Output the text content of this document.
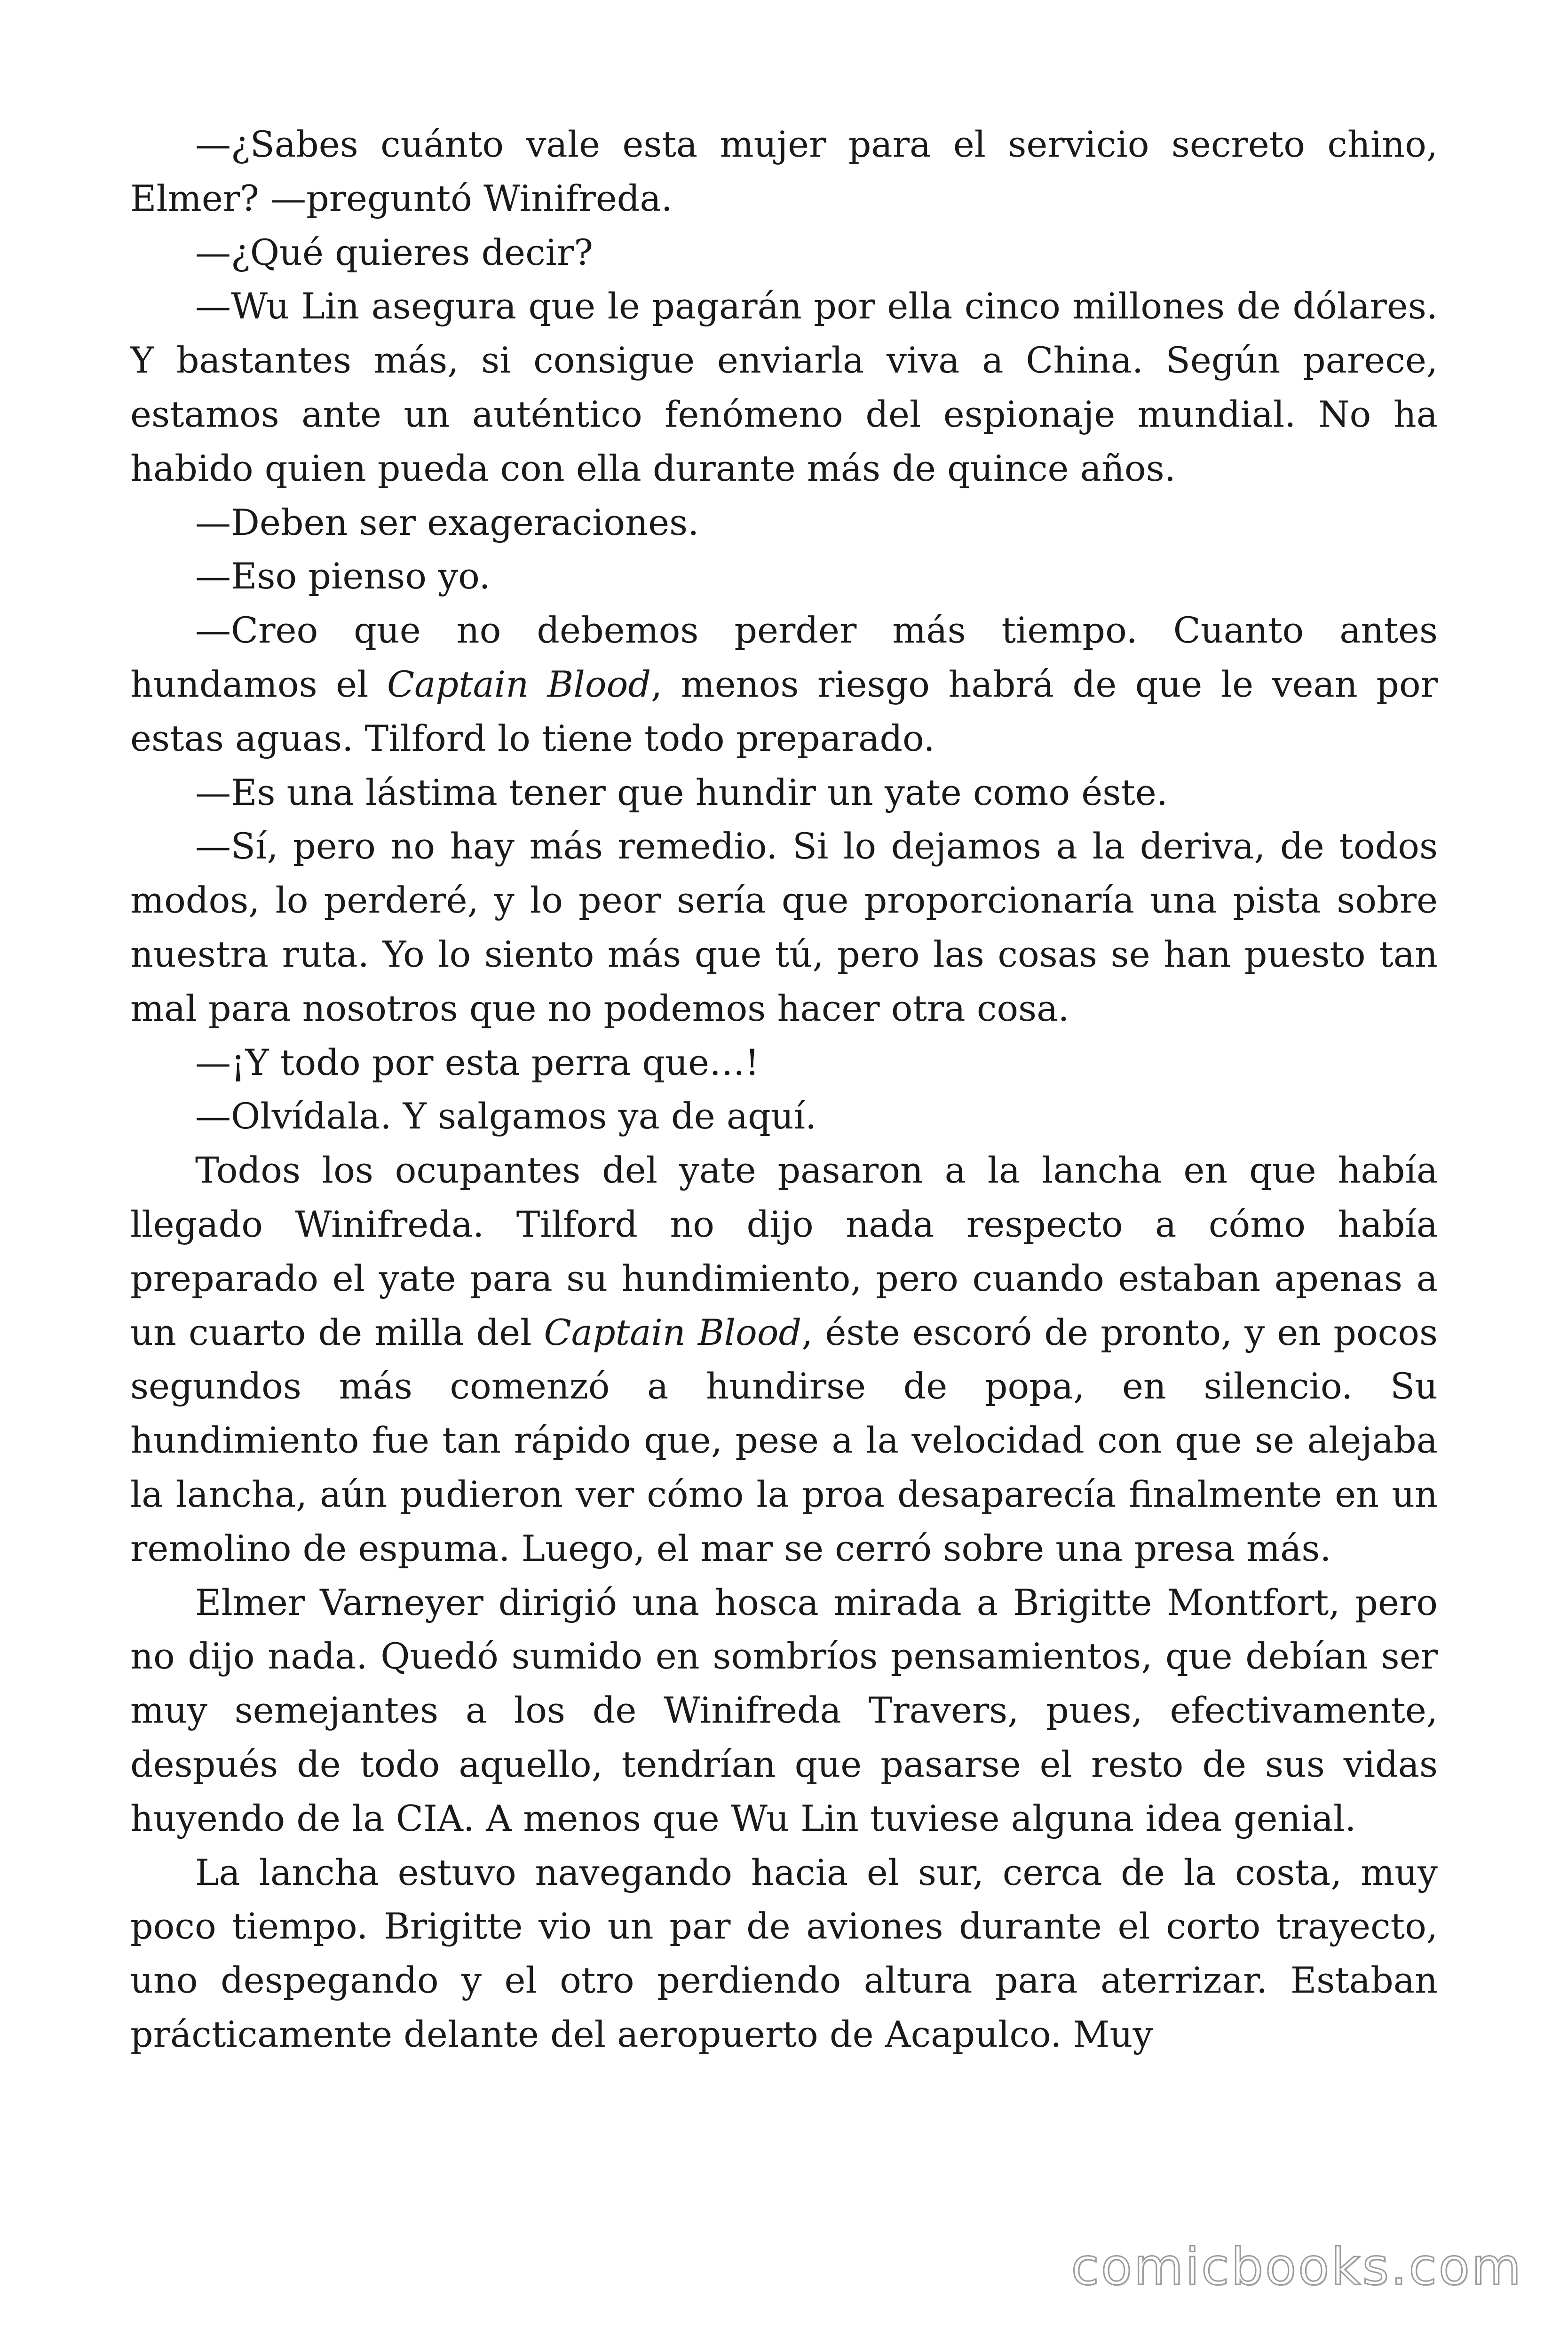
—¿Sabes cuánto vale esta mujer para el servicio secreto chino, Elmer? —preguntó Winifreda.

—¿Qué quieres decir?

—Wu Lin asegura que le pagarán por ella cinco millones de dólares. Y bastantes más, si consigue enviarla viva a China. Según parece, estamos ante un auténtico fenómeno del espionaje mundial. No ha habido quien pueda con ella durante más de quince años.

—Deben ser exageraciones.

—Eso pienso yo.

—Creo que no debemos perder más tiempo. Cuanto antes hundamos el Captain Blood, menos riesgo habrá de que le vean por estas aguas. Tilford lo tiene todo preparado.

—Es una lástima tener que hundir un yate como éste.

—Sí, pero no hay más remedio. Si lo dejamos a la deriva, de todos modos, lo perderé, y lo peor sería que proporcionaría una pista sobre nuestra ruta. Yo lo siento más que tú, pero las cosas se han puesto tan mal para nosotros que no podemos hacer otra cosa.

—¡Y todo por esta perra que…!

—Olvídala. Y salgamos ya de aquí.

Todos los ocupantes del yate pasaron a la lancha en que había llegado Winifreda. Tilford no dijo nada respecto a cómo había preparado el yate para su hundimiento, pero cuando estaban apenas a un cuarto de milla del Captain Blood, éste escoró de pronto, y en pocos segundos más comenzó a hundirse de popa, en silencio. Su hundimiento fue tan rápido que, pese a la velocidad con que se alejaba la lancha, aún pudieron ver cómo la proa desaparecía finalmente en un remolino de espuma. Luego, el mar se cerró sobre una presa más.

Elmer Varneyer dirigió una hosca mirada a Brigitte Montfort, pero no dijo nada. Quedó sumido en sombríos pensamientos, que debían ser muy semejantes a los de Winifreda Travers, pues, efectivamente, después de todo aquello, tendrían que pasarse el resto de sus vidas huyendo de la CIA. A menos que Wu Lin tuviese alguna idea genial.

La lancha estuvo navegando hacia el sur, cerca de la costa, muy poco tiempo. Brigitte vio un par de aviones durante el corto trayecto, uno despegando y el otro perdiendo altura para aterrizar. Estaban prácticamente delante del aeropuerto de Acapulco. Muy

comicbooks.com
